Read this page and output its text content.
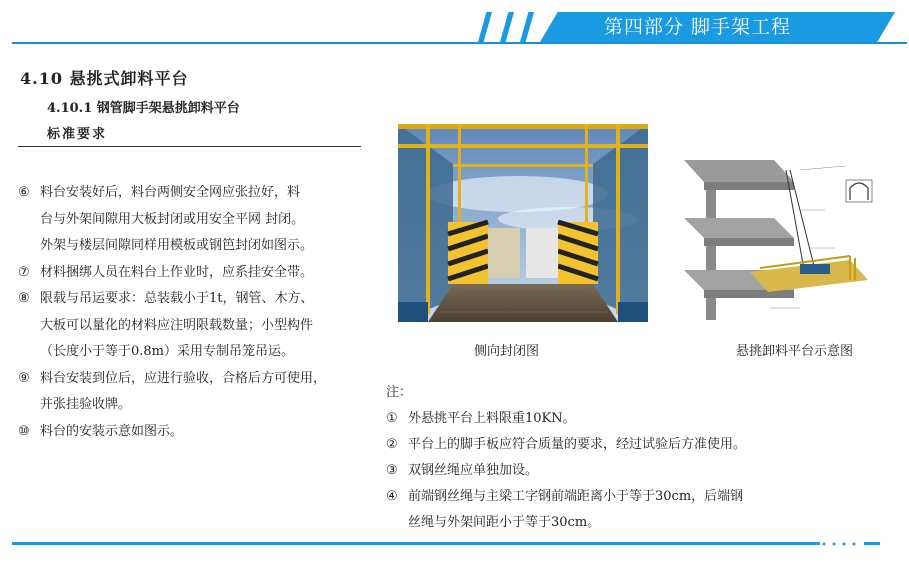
第四部分 脚手架工程
4.10 悬挑式卸料平台
4.10.1 钢管脚手架悬挑卸料平台
标准要求
⑥ 料台安装好后，料台两侧安全网应张拉好，料
台与外架间隙用大板封闭或用安全平网 封闭。
外架与楼层间隙同样用模板或钢笆封闭如图示。
⑦ 材料捆绑人员在料台上作业时，应系挂安全带。
⑧ 限载与吊运要求：总装载小于1t，钢管、木方、
大板可以量化的材料应注明限载数量；小型构件
（长度小于等于0.8m）采用专制吊笼吊运。
⑨ 料台安装到位后，应进行验收，合格后方可使用，
并张挂验收牌。
⑩ 料台的安装示意如图示。
侧向封闭图	悬挑卸料平台示意图
注：
① 外悬挑平台上料限重10KN。
② 平台上的脚手板应符合质量的要求，经过试验后方准使用。
③ 双钢丝绳应单独加设。
④ 前端钢丝绳与主梁工字钢前端距离小于等于30cm，后端钢
丝绳与外架间距小于等于30cm。
